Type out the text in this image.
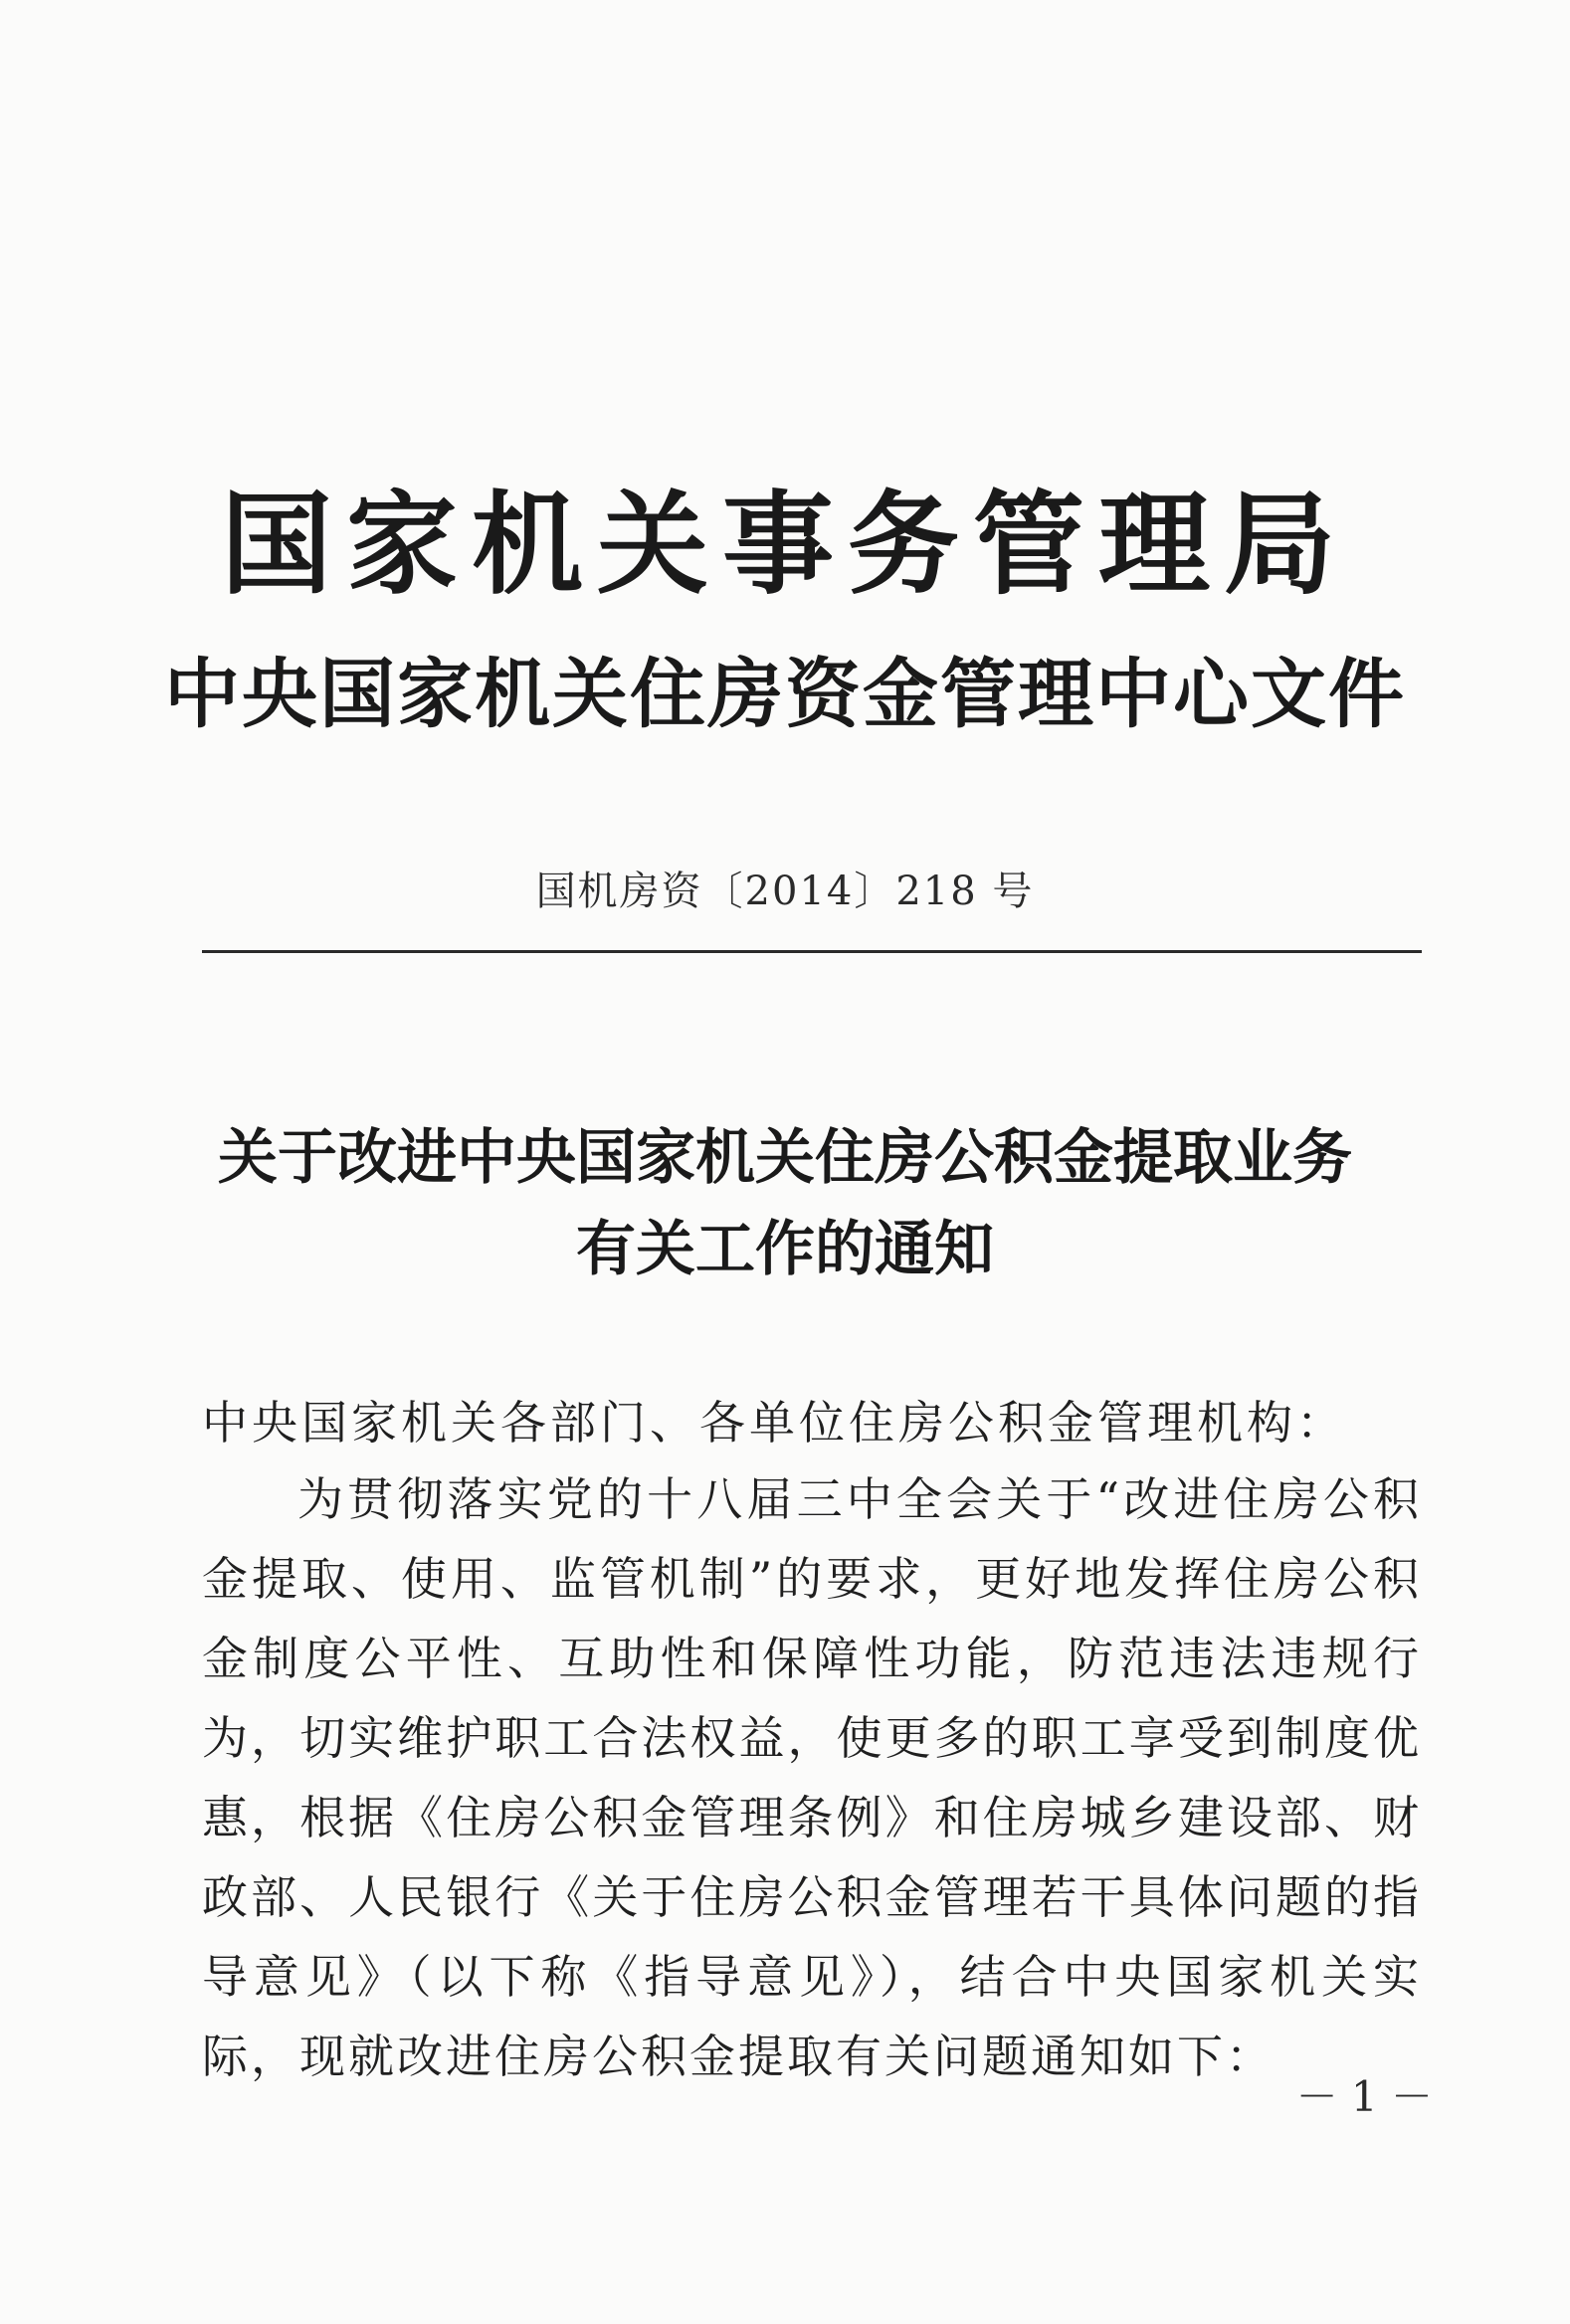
国家机关事务管理局
中央国家机关住房资金管理中心文件
国机房资〔2014〕218 号
关于改进中央国家机关住房公积金提取业务
有关工作的通知
中央国家机关各部门、各单位住房公积金管理机构：

为贯彻落实党的十八届三中全会关于“改进住房公积金提取、使用、监管机制”的要求，更好地发挥住房公积金制度公平性、互助性和保障性功能，防范违法违规行为，切实维护职工合法权益，使更多的职工享受到制度优惠，根据《住房公积金管理条例》和住房城乡建设部、财政部、人民银行《关于住房公积金管理若干具体问题的指导意见》（以下称《指导意见》），结合中央国家机关实际，现就改进住房公积金提取有关问题通知如下：

－ 1 －
